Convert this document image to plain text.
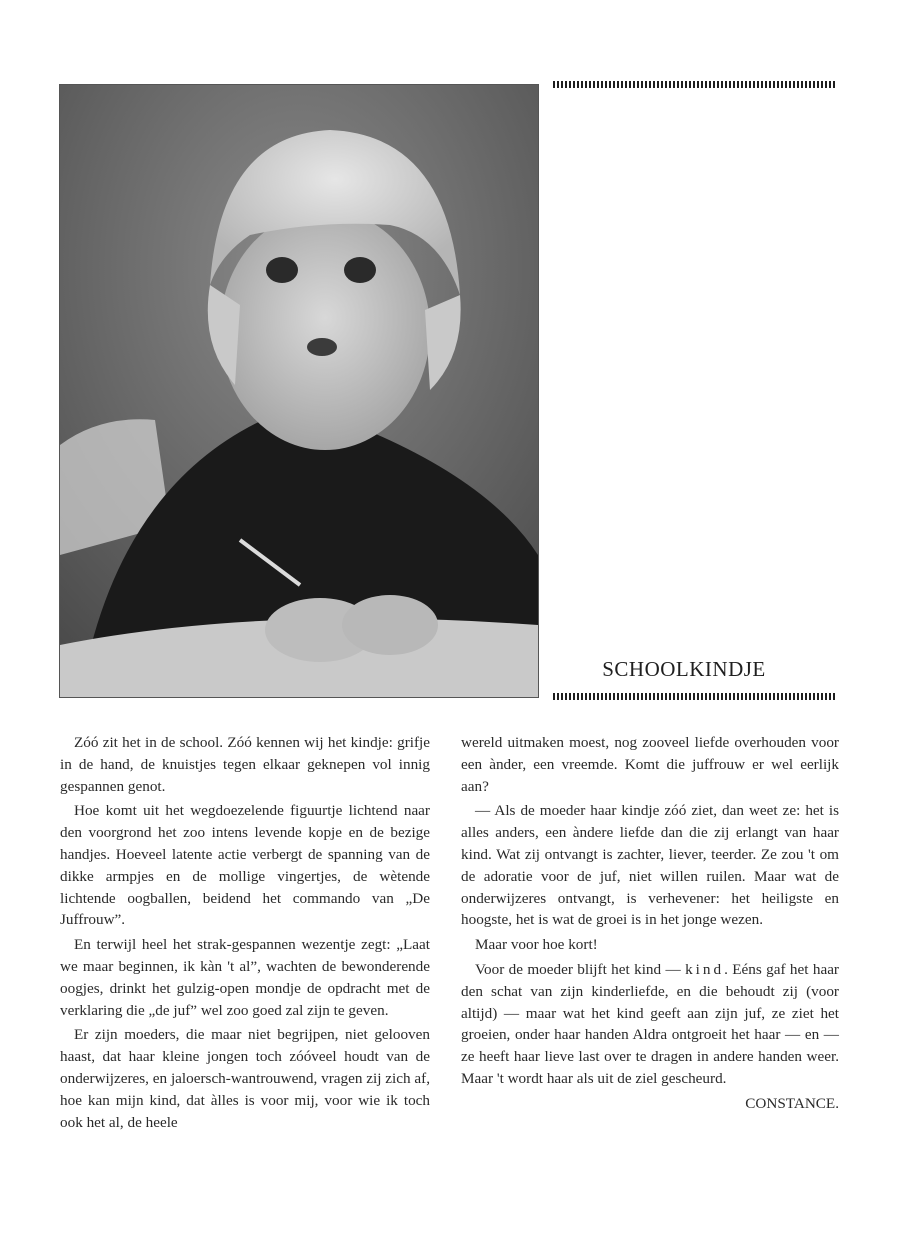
SCHOOLKINDJE

Zóó zit het in de school. Zóó kennen wij het kindje: grifje in de hand, de knuistjes tegen elkaar geknepen vol innig gespannen genot.

Hoe komt uit het wegdoezelende figuurtje lichtend naar den voorgrond het zoo intens levende kopje en de bezige handjes. Hoeveel latente actie verbergt de spanning van de dikke armpjes en de mollige vingertjes, de wètende lichtende oogballen, beidend het commando van „De Juffrouw”.

En terwijl heel het strak-gespannen wezentje zegt: „Laat we maar beginnen, ik kàn 't al”, wachten de bewonderende oogjes, drinkt het gulzig-open mondje de opdracht met de verklaring die „de juf” wel zoo goed zal zijn te geven.

Er zijn moeders, die maar niet begrijpen, niet gelooven haast, dat haar kleine jongen toch zóóveel houdt van de onderwijzeres, en jaloersch-wantrouwend, vragen zij zich af, hoe kan mijn kind, dat àlles is voor mij, voor wie ik toch ook het al, de heele

wereld uitmaken moest, nog zooveel liefde overhouden voor een ànder, een vreemde. Komt die juffrouw er wel eerlijk aan?

— Als de moeder haar kindje zóó ziet, dan weet ze: het is alles anders, een àndere liefde dan die zij erlangt van haar kind. Wat zij ontvangt is zachter, liever, teerder. Ze zou 't om de adoratie voor de juf, niet willen ruilen. Maar wat de onderwijzeres ontvangt, is verhevener: het heiligste en hoogste, het is wat de groei is in het jonge wezen.

Maar voor hoe kort!

Voor de moeder blijft het kind — kind. Eéns gaf het haar den schat van zijn kinderliefde, en die behoudt zij (voor altijd) — maar wat het kind geeft aan zijn juf, ze ziet het groeien, onder haar handen Aldra ontgroeit het haar — en — ze heeft haar lieve last over te dragen in andere handen weer. Maar 't wordt haar als uit de ziel gescheurd.

CONSTANCE.
